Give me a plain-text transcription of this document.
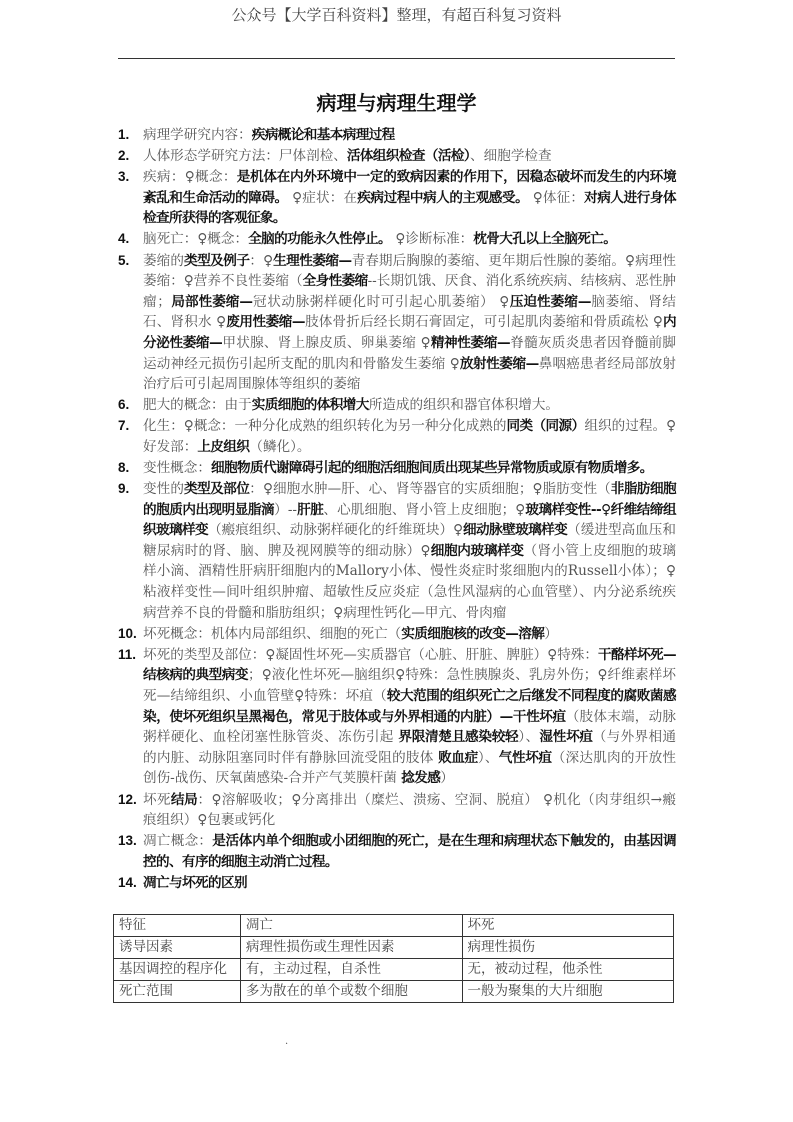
公众号【大学百科资料】整理，有超百科复习资料
病理与病理生理学
1. 病理学研究内容：疾病概论和基本病理过程
2. 人体形态学研究方法：尸体剖检、活体组织检查（活检）、细胞学检查
3. 疾病：♀概念：是机体在内外环境中一定的致病因素的作用下，因稳态破坏而发生的内环境紊乱和生命活动的障碍。 ♀症状：在疾病过程中病人的主观感受。 ♀体征：对病人进行身体检查所获得的客观征象。
4. 脑死亡：♀概念：全脑的功能永久性停止。 ♀诊断标准：枕骨大孔以上全脑死亡。
5. 萎缩的类型及例子：♀生理性萎缩—青春期后胸腺的萎缩、更年期后性腺的萎缩。♀病理性萎缩：♀营养不良性萎缩（全身性萎缩--长期饥饿、厌食、消化系统疾病、结核病、恶性肿瘤；局部性萎缩—冠状动脉粥样硬化时可引起心肌萎缩） ♀压迫性萎缩—脑萎缩、肾结石、肾积水 ♀废用性萎缩—肢体骨折后经长期石膏固定，可引起肌肉萎缩和骨质疏松 ♀内分泌性萎缩—甲状腺、肾上腺皮质、卵巢萎缩 ♀精神性萎缩—脊髓灰质炎患者因脊髓前脚运动神经元损伤引起所支配的肌肉和骨骼发生萎缩 ♀放射性萎缩—鼻咽癌患者经局部放射治疗后可引起周围腺体等组织的萎缩
6. 肥大的概念：由于实质细胞的体积增大所造成的组织和器官体积增大。
7. 化生：♀概念：一种分化成熟的组织转化为另一种分化成熟的同类（同源）组织的过程。♀好发部：上皮组织（鳞化）。
8. 变性概念：细胞物质代谢障碍引起的细胞活细胞间质出现某些异常物质或原有物质增多。
9. 变性的类型及部位：♀细胞水肿—肝、心、肾等器官的实质细胞；♀脂肪变性（非脂肪细胞的胞质内出现明显脂滴）--肝脏、心肌细胞、肾小管上皮细胞；♀玻璃样变性--♀纤维结缔组织玻璃样变（瘢痕组织、动脉粥样硬化的纤维斑块）♀细动脉壁玻璃样变（缓进型高血压和糖尿病时的肾、脑、脾及视网膜等的细动脉）♀细胞内玻璃样变（肾小管上皮细胞的玻璃样小滴、酒精性肝病肝细胞内的Mallory小体、慢性炎症时浆细胞内的Russell小体）；♀粘液样变性—间叶组织肿瘤、超敏性反应炎症（急性风湿病的心血管壁）、内分泌系统疾病营养不良的骨髓和脂肪组织；♀病理性钙化—甲亢、骨肉瘤
10. 坏死概念：机体内局部组织、细胞的死亡（实质细胞核的改变—溶解）
11. 坏死的类型及部位：♀凝固性坏死—实质器官（心脏、肝脏、脾脏）♀特殊：干酪样坏死—结核病的典型病变；♀液化性坏死—脑组织♀特殊：急性胰腺炎、乳房外伤；♀纤维素样坏死—结缔组织、小血管壁♀特殊：坏疽（较大范围的组织死亡之后继发不同程度的腐败菌感染，使坏死组织呈黑褐色，常见于肢体或与外界相通的内脏）—干性坏疽（肢体末端，动脉粥样硬化、血栓闭塞性脉管炎、冻伤引起 界限清楚且感染较轻）、湿性坏疽（与外界相通的内脏、动脉阻塞同时伴有静脉回流受阻的肢体 败血症）、气性坏疽（深达肌肉的开放性创伤-战伤、厌氧菌感染-合并产气荚膜杆菌 捻发感）
12. 坏死结局：♀溶解吸收；♀分离排出（糜烂、溃疡、空洞、脱疽） ♀机化（肉芽组织→瘢痕组织）♀包裹或钙化
13. 凋亡概念：是活体内单个细胞或小团细胞的死亡，是在生理和病理状态下触发的，由基因调控的、有序的细胞主动消亡过程。
14. 凋亡与坏死的区别
特征	凋亡	坏死
诱导因素	病理性损伤或生理性因素	病理性损伤
基因调控的程序化	有，主动过程，自杀性	无，被动过程，他杀性
死亡范围	多为散在的单个或数个细胞	一般为聚集的大片细胞
.
